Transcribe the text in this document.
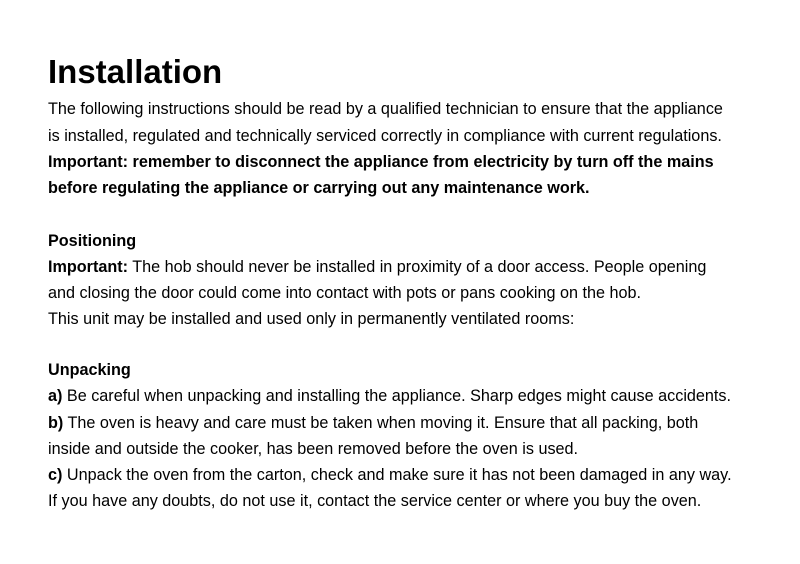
Installation
The following instructions should be read by a qualified technician to ensure that the appliance
is installed, regulated and technically serviced correctly in compliance with current regulations.
Important: remember to disconnect the appliance from electricity by turn off the mains
before regulating the appliance or carrying out any maintenance work.
Positioning
Important: The hob should never be installed in proximity of a door access. People opening
and closing the door could come into contact with pots or pans cooking on the hob.
This unit may be installed and used only in permanently ventilated rooms:
Unpacking
a) Be careful when unpacking and installing the appliance. Sharp edges might cause accidents.
b) The oven is heavy and care must be taken when moving it. Ensure that all packing, both
inside and outside the cooker, has been removed before the oven is used.
c) Unpack the oven from the carton, check and make sure it has not been damaged in any way.
If you have any doubts, do not use it, contact the service center or where you buy the oven.
